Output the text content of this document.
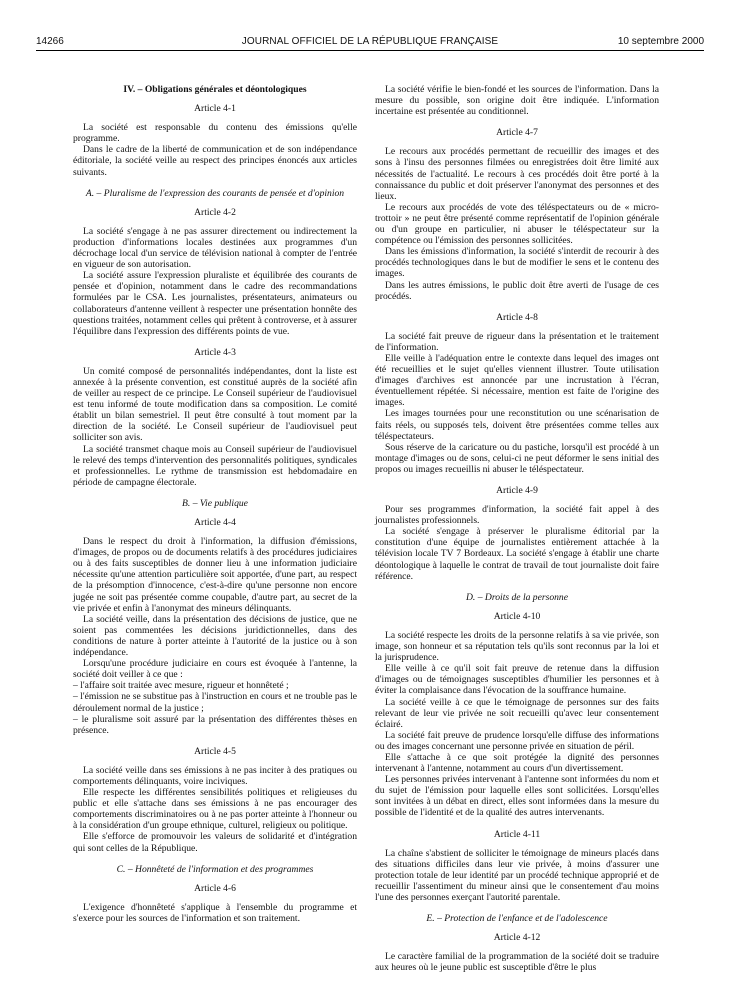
14266	JOURNAL OFFICIEL DE LA RÉPUBLIQUE FRANÇAISE	10 septembre 2000
IV. – Obligations générales et déontologiques
Article 4-1

La société est responsable du contenu des émissions qu'elle programme.

Dans le cadre de la liberté de communication et de son indépendance éditoriale, la société veille au respect des principes énoncés aux articles suivants.

A. – Pluralisme de l'expression des courants de pensée et d'opinion
Article 4-2

La société s'engage à ne pas assurer directement ou indirectement la production d'informations locales destinées aux programmes d'un décrochage local d'un service de télévision national à compter de l'entrée en vigueur de son autorisation.

La société assure l'expression pluraliste et équilibrée des courants de pensée et d'opinion, notamment dans le cadre des recommandations formulées par le CSA. Les journalistes, présentateurs, animateurs ou collaborateurs d'antenne veillent à respecter une présentation honnête des questions traitées, notamment celles qui prêtent à controverse, et à assurer l'équilibre dans l'expression des différents points de vue.

Article 4-3

Un comité composé de personnalités indépendantes, dont la liste est annexée à la présente convention, est constitué auprès de la société afin de veiller au respect de ce principe. Le Conseil supérieur de l'audiovisuel est tenu informé de toute modification dans sa composition. Le comité établit un bilan semestriel. Il peut être consulté à tout moment par la direction de la société. Le Conseil supérieur de l'audiovisuel peut solliciter son avis.

La société transmet chaque mois au Conseil supérieur de l'audiovisuel le relevé des temps d'intervention des personnalités politiques, syndicales et professionnelles. Le rythme de transmission est hebdomadaire en période de campagne électorale.

B. – Vie publique
Article 4-4

Dans le respect du droit à l'information, la diffusion d'émissions, d'images, de propos ou de documents relatifs à des procédures judiciaires ou à des faits susceptibles de donner lieu à une information judiciaire nécessite qu'une attention particulière soit apportée, d'une part, au respect de la présomption d'innocence, c'est-à-dire qu'une personne non encore jugée ne soit pas présentée comme coupable, d'autre part, au secret de la vie privée et enfin à l'anonymat des mineurs délinquants.

La société veille, dans la présentation des décisions de justice, que ne soient pas commentées les décisions juridictionnelles, dans des conditions de nature à porter atteinte à l'autorité de la justice ou à son indépendance.

Lorsqu'une procédure judiciaire en cours est évoquée à l'antenne, la société doit veiller à ce que :

– l'affaire soit traitée avec mesure, rigueur et honnêteté ;

– l'émission ne se substitue pas à l'instruction en cours et ne trouble pas le déroulement normal de la justice ;

– le pluralisme soit assuré par la présentation des différentes thèses en présence.

Article 4-5

La société veille dans ses émissions à ne pas inciter à des pratiques ou comportements délinquants, voire inciviques.

Elle respecte les différentes sensibilités politiques et religieuses du public et elle s'attache dans ses émissions à ne pas encourager des comportements discriminatoires ou à ne pas porter atteinte à l'honneur ou à la considération d'un groupe ethnique, culturel, religieux ou politique.

Elle s'efforce de promouvoir les valeurs de solidarité et d'intégration qui sont celles de la République.

C. – Honnêteté de l'information et des programmes
Article 4-6

L'exigence d'honnêteté s'applique à l'ensemble du programme et s'exerce pour les sources de l'information et son traitement.

La société vérifie le bien-fondé et les sources de l'information. Dans la mesure du possible, son origine doit être indiquée. L'information incertaine est présentée au conditionnel.

Article 4-7

Le recours aux procédés permettant de recueillir des images et des sons à l'insu des personnes filmées ou enregistrées doit être limité aux nécessités de l'actualité. Le recours à ces procédés doit être porté à la connaissance du public et doit préserver l'anonymat des personnes et des lieux.

Le recours aux procédés de vote des téléspectateurs ou de « micro-trottoir » ne peut être présenté comme représentatif de l'opinion générale ou d'un groupe en particulier, ni abuser le téléspectateur sur la compétence ou l'émission des personnes sollicitées.

Dans les émissions d'information, la société s'interdit de recourir à des procédés technologiques dans le but de modifier le sens et le contenu des images.

Dans les autres émissions, le public doit être averti de l'usage de ces procédés.

Article 4-8

La société fait preuve de rigueur dans la présentation et le traitement de l'information.

Elle veille à l'adéquation entre le contexte dans lequel des images ont été recueillies et le sujet qu'elles viennent illustrer. Toute utilisation d'images d'archives est annoncée par une incrustation à l'écran, éventuellement répétée. Si nécessaire, mention est faite de l'origine des images.

Les images tournées pour une reconstitution ou une scénarisation de faits réels, ou supposés tels, doivent être présentées comme telles aux téléspectateurs.

Sous réserve de la caricature ou du pastiche, lorsqu'il est procédé à un montage d'images ou de sons, celui-ci ne peut déformer le sens initial des propos ou images recueillis ni abuser le téléspectateur.

Article 4-9

Pour ses programmes d'information, la société fait appel à des journalistes professionnels.

La société s'engage à préserver le pluralisme éditorial par la constitution d'une équipe de journalistes entièrement attachée à la télévision locale TV 7 Bordeaux. La société s'engage à établir une charte déontologique à laquelle le contrat de travail de tout journaliste doit faire référence.

D. – Droits de la personne
Article 4-10

La société respecte les droits de la personne relatifs à sa vie privée, son image, son honneur et sa réputation tels qu'ils sont reconnus par la loi et la jurisprudence.

Elle veille à ce qu'il soit fait preuve de retenue dans la diffusion d'images ou de témoignages susceptibles d'humilier les personnes et à éviter la complaisance dans l'évocation de la souffrance humaine.

La société veille à ce que le témoignage de personnes sur des faits relevant de leur vie privée ne soit recueilli qu'avec leur consentement éclairé.

La société fait preuve de prudence lorsqu'elle diffuse des informations ou des images concernant une personne privée en situation de péril.

Elle s'attache à ce que soit protégée la dignité des personnes intervenant à l'antenne, notamment au cours d'un divertissement.

Les personnes privées intervenant à l'antenne sont informées du nom et du sujet de l'émission pour laquelle elles sont sollicitées. Lorsqu'elles sont invitées à un débat en direct, elles sont informées dans la mesure du possible de l'identité et de la qualité des autres intervenants.

Article 4-11

La chaîne s'abstient de solliciter le témoignage de mineurs placés dans des situations difficiles dans leur vie privée, à moins d'assurer une protection totale de leur identité par un procédé technique approprié et de recueillir l'assentiment du mineur ainsi que le consentement d'au moins l'une des personnes exerçant l'autorité parentale.

E. – Protection de l'enfance et de l'adolescence
Article 4-12

Le caractère familial de la programmation de la société doit se traduire aux heures où le jeune public est susceptible d'être le plus
